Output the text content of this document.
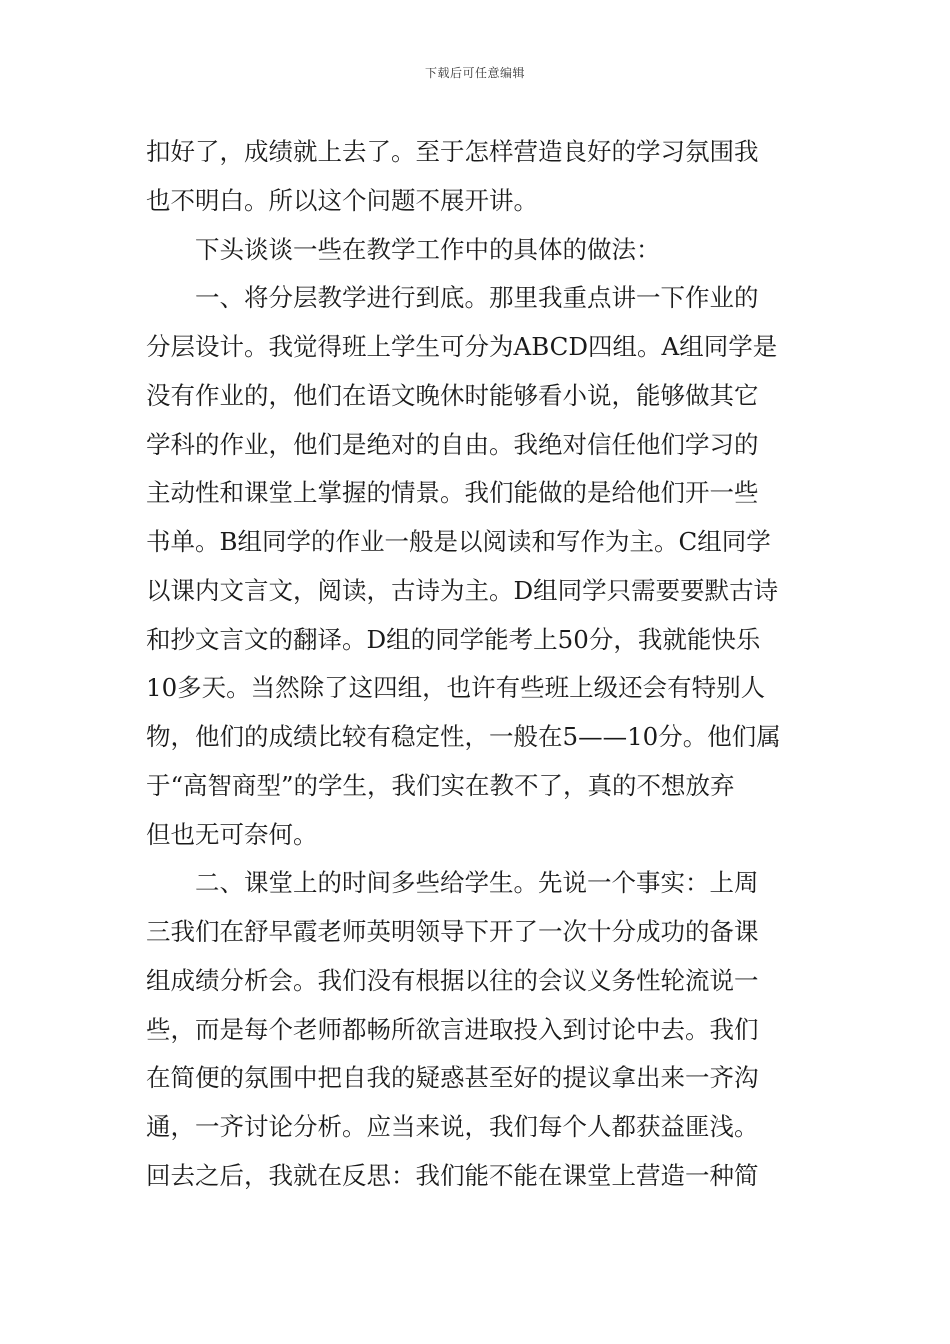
下载后可任意编辑
扣好了，成绩就上去了。至于怎样营造良好的学习氛围我
也不明白。所以这个问题不展开讲。
　　下头谈谈一些在教学工作中的具体的做法：
　　一、将分层教学进行到底。那里我重点讲一下作业的
分层设计。我觉得班上学生可分为ABCD四组。A组同学是
没有作业的，他们在语文晚休时能够看小说，能够做其它
学科的作业，他们是绝对的自由。我绝对信任他们学习的
主动性和课堂上掌握的情景。我们能做的是给他们开一些
书单。B组同学的作业一般是以阅读和写作为主。C组同学
以课内文言文，阅读，古诗为主。D组同学只需要要默古诗
和抄文言文的翻译。D组的同学能考上50分，我就能快乐
10多天。当然除了这四组，也许有些班上级还会有特别人
物，他们的成绩比较有稳定性，一般在5——10分。他们属
于“高智商型”的学生，我们实在教不了，真的不想放弃
但也无可奈何。
　　二、课堂上的时间多些给学生。先说一个事实：上周
三我们在舒早霞老师英明领导下开了一次十分成功的备课
组成绩分析会。我们没有根据以往的会议义务性轮流说一
些，而是每个老师都畅所欲言进取投入到讨论中去。我们
在简便的氛围中把自我的疑惑甚至好的提议拿出来一齐沟
通，一齐讨论分析。应当来说，我们每个人都获益匪浅。
回去之后，我就在反思：我们能不能在课堂上营造一种简
